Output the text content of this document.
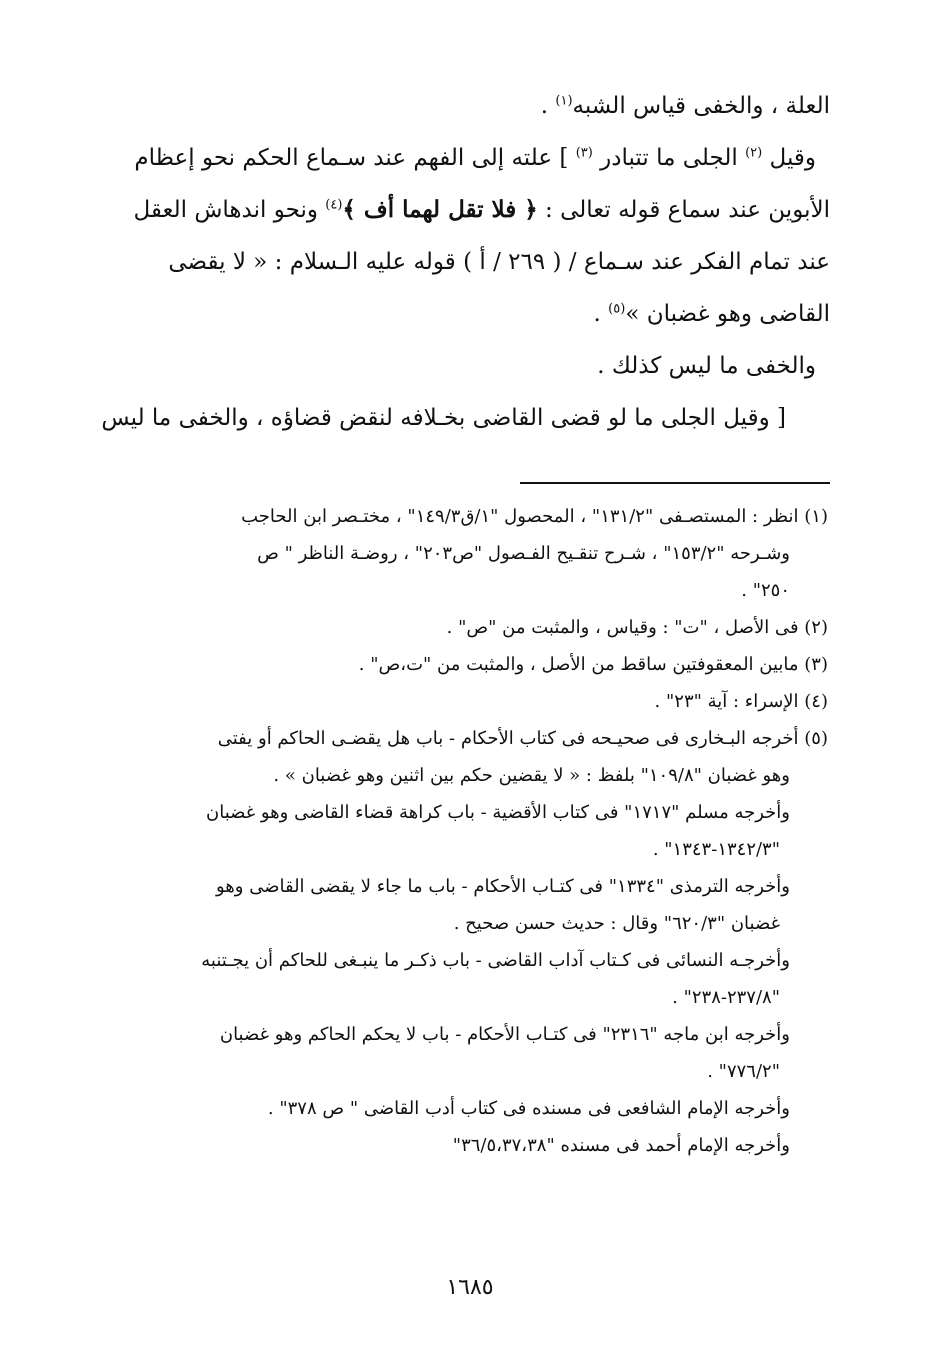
العلة ، والخفى قياس الشبه$^{(١)}$ .
وقيل $^{(٢)}$ الجلى ما تتبادر $^{(٣)}$ ] علته إلى الفهم عند سـماع الحكم نحو إعظام
الأبوين عند سماع قوله تعالى : ﴿ فلا تقل لهما أف ﴾$^{(٤)}$ ونحو اندهاش العقل
عند تمام الفكر عند سـماع / ( ٢٦٩ / أ ) قوله عليه الـسلام : « لا يقضى
القاضى وهو غضبان »$^{(٥)}$ .
والخفى ما ليس كذلك .
[ وقيل الجلى ما لو قضى القاضى بخـلافه لنقض قضاؤه ، والخفى ما ليس
(١) انظر : المستصـفى "١٣١/٢" ، المحصول "١/ق١٤٩/٣" ، مختـصر ابن الحاجب
وشـرحه "١٥٣/٢" ، شـرح تنقـيح الفـصول "ص٢٠٣" ، روضـة الناظر " ص
٢٥٠" .
(٢) فى الأصل ، "ت" : وقياس ، والمثبت من "ص" .
(٣) مابين المعقوفتين ساقط من الأصل ، والمثبت من "ت،ص" .
(٤) الإسراء : آية "٢٣" .
(٥) أخرجه البـخارى فى صحيـحه فى كتاب الأحكام - باب هل يقضـى الحاكم أو يفتى
وهو غضبان "١٠٩/٨" بلفظ : « لا يقضين حكم بين اثنين وهو غضبان » .
وأخرجه مسلم "١٧١٧" فى كتاب الأقضية - باب كراهة قضاء القاضى وهو غضبان
"١٣٤٢/٣-١٣٤٣" .
وأخرجه الترمذى "١٣٣٤" فى كتـاب الأحكام - باب ما جاء لا يقضى القاضى وهو
غضبان "٦٢٠/٣" وقال : حديث حسن صحيح .
وأخرجـه النسائى فى كـتاب آداب القاضى - باب ذكـر ما ينبـغى للحاكم أن يجـتنبه
"٢٣٧/٨-٢٣٨" .
وأخرجه ابن ماجه "٢٣١٦" فى كتـاب الأحكام - باب لا يحكم الحاكم وهو غضبان
"٧٧٦/٢" .
وأخرجه الإمام الشافعى فى مسنده فى كتاب أدب القاضى " ص ٣٧٨" .
وأخرجه الإمام أحمد فى مسنده "٣٦/٥،٣٧،٣٨"
١٦٨٥
